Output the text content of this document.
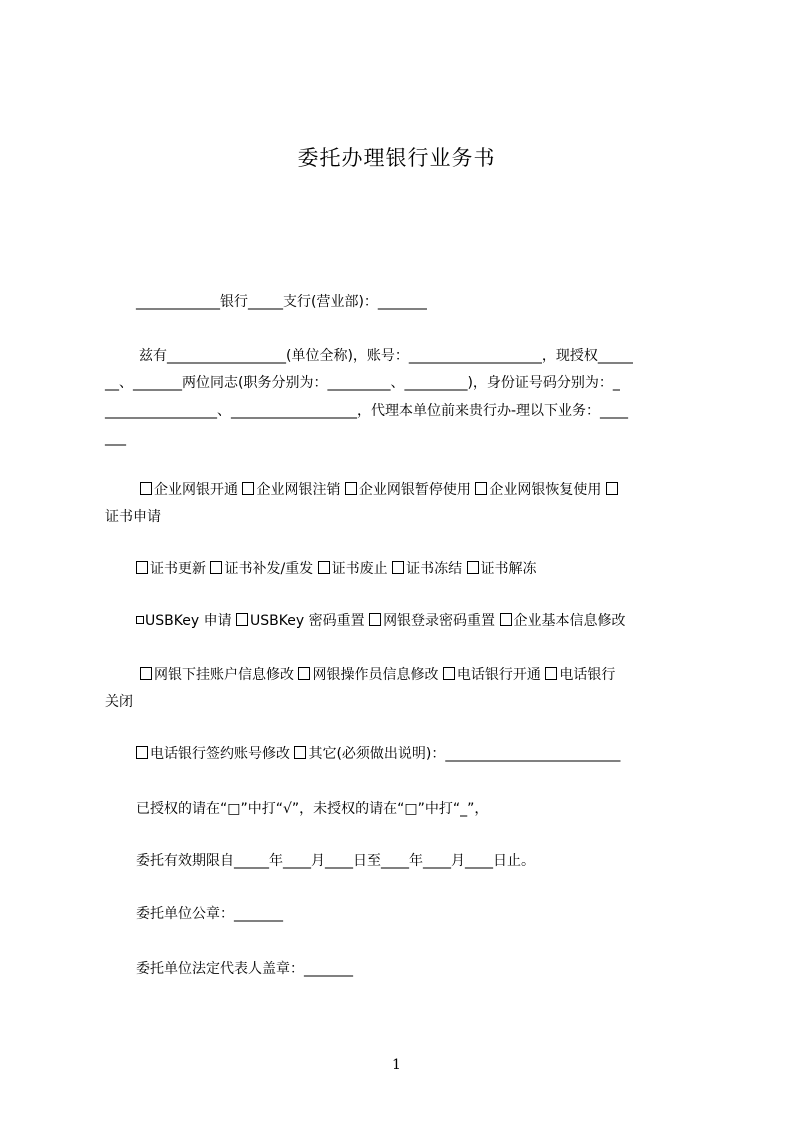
委托办理银行业务书
____________银行_____支行(营业部)：_______
兹有_________________(单位全称)，账号：___________________，现授权_____
__、_______两位同志(职务分别为：_________、_________)，身份证号码分别为：_
________________、__________________，代理本单位前来贵行办-理以下业务：____
___
企业网银开通 企业网银注销 企业网银暂停使用 企业网银恢复使用
证书申请
证书更新 证书补发/重发 证书废止 证书冻结 证书解冻
USBKey 申请 USBKey 密码重置 网银登录密码重置 企业基本信息修改
网银下挂账户信息修改 网银操作员信息修改 电话银行开通 电话银行
关闭
电话银行签约账号修改 其它(必须做出说明)：_________________________
已授权的请在“□”中打“√”，未授权的请在“□”中打“_”，
委托有效期限自_____年____月____日至____年____月____日止。
委托单位公章：_______
委托单位法定代表人盖章：_______
1
